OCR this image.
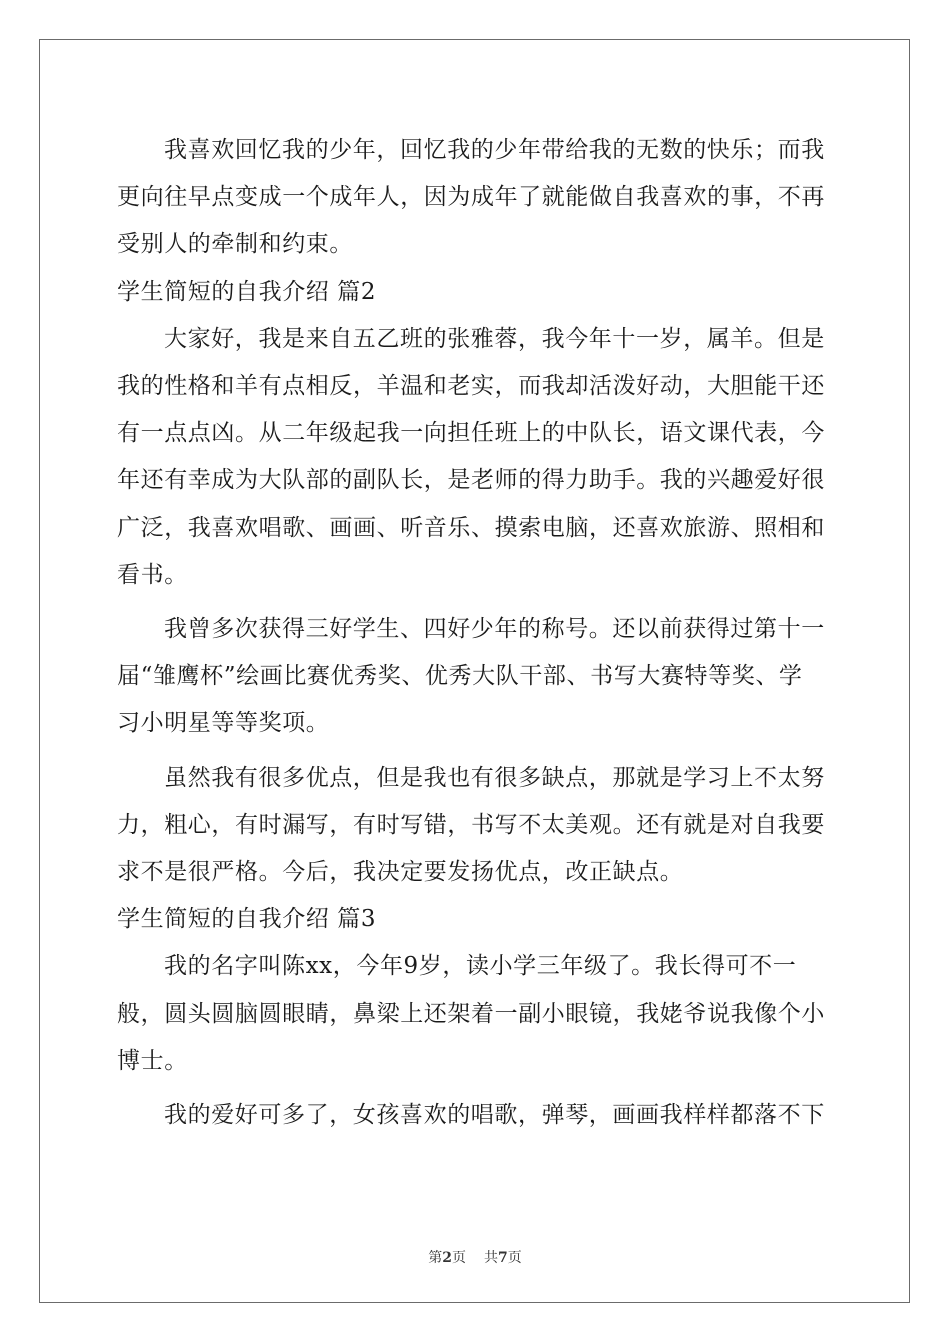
我喜欢回忆我的少年，回忆我的少年带给我的无数的快乐；而我
更向往早点变成一个成年人，因为成年了就能做自我喜欢的事，不再
受别人的牵制和约束。
学生简短的自我介绍 篇2
大家好，我是来自五乙班的张雅蓉，我今年十一岁，属羊。但是
我的性格和羊有点相反，羊温和老实，而我却活泼好动，大胆能干还
有一点点凶。从二年级起我一向担任班上的中队长，语文课代表，今
年还有幸成为大队部的副队长，是老师的得力助手。我的兴趣爱好很
广泛，我喜欢唱歌、画画、听音乐、摸索电脑，还喜欢旅游、照相和
看书。
我曾多次获得三好学生、四好少年的称号。还以前获得过第十一
届“雏鹰杯”绘画比赛优秀奖、优秀大队干部、书写大赛特等奖、学
习小明星等等奖项。
虽然我有很多优点，但是我也有很多缺点，那就是学习上不太努
力，粗心，有时漏写，有时写错，书写不太美观。还有就是对自我要
求不是很严格。今后，我决定要发扬优点，改正缺点。
学生简短的自我介绍 篇3
我的名字叫陈xx，今年9岁，读小学三年级了。我长得可不一
般，圆头圆脑圆眼睛，鼻梁上还架着一副小眼镜，我姥爷说我像个小
博士。
我的爱好可多了，女孩喜欢的唱歌，弹琴，画画我样样都落不下
第2页 共7页
